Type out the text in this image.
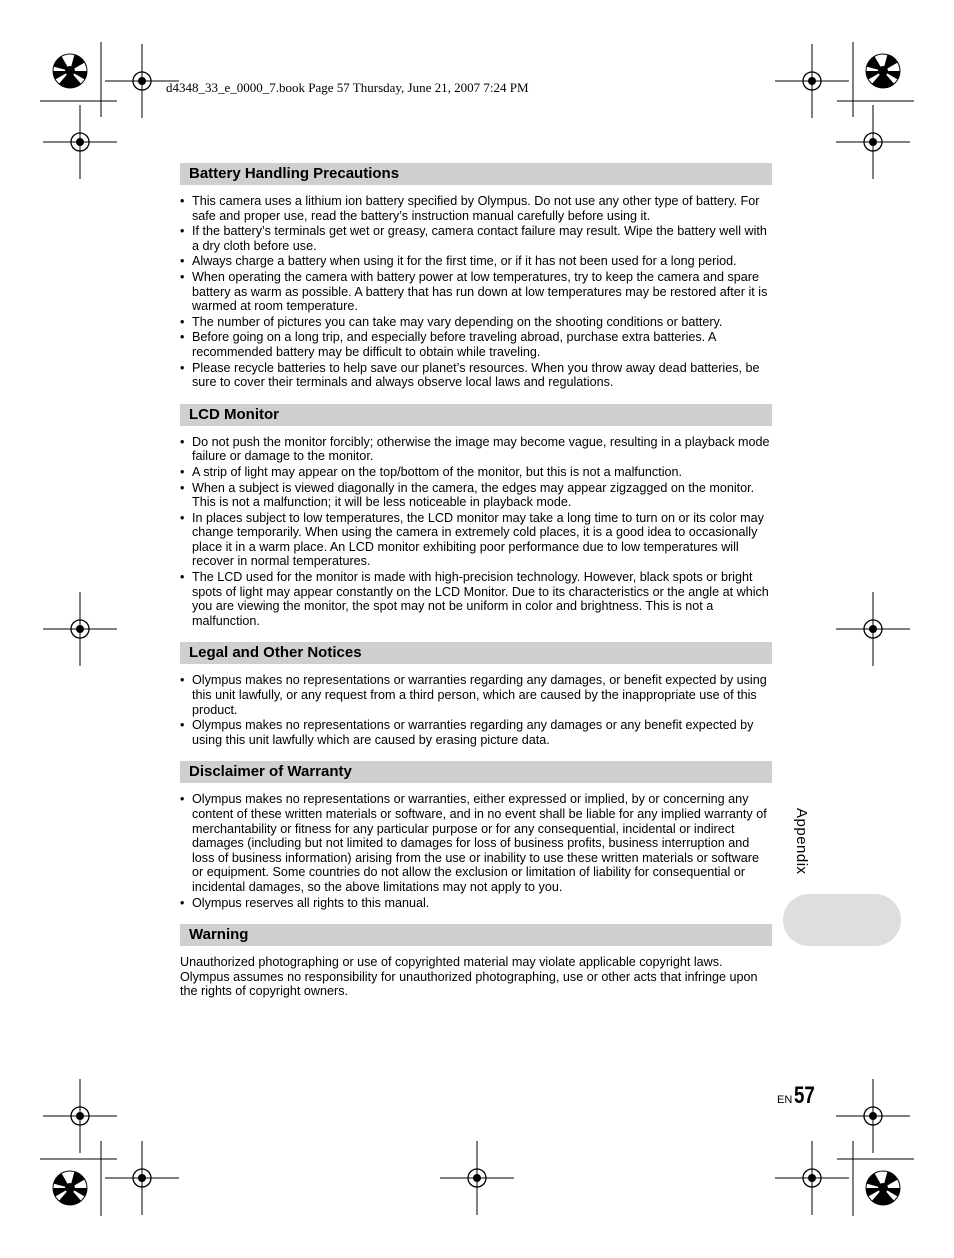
d4348_33_e_0000_7.book Page 57 Thursday, June 21, 2007 7:24 PM
Battery Handling Precautions
• This camera uses a lithium ion battery specified by Olympus. Do not use any other type of battery. For safe and proper use, read the battery’s instruction manual carefully before using it.
• If the battery’s terminals get wet or greasy, camera contact failure may result. Wipe the battery well with a dry cloth before use.
• Always charge a battery when using it for the first time, or if it has not been used for a long period.
• When operating the camera with battery power at low temperatures, try to keep the camera and spare battery as warm as possible. A battery that has run down at low temperatures may be restored after it is warmed at room temperature.
• The number of pictures you can take may vary depending on the shooting conditions or battery.
• Before going on a long trip, and especially before traveling abroad, purchase extra batteries. A recommended battery may be difficult to obtain while traveling.
• Please recycle batteries to help save our planet’s resources. When you throw away dead batteries, be sure to cover their terminals and always observe local laws and regulations.
LCD Monitor
• Do not push the monitor forcibly; otherwise the image may become vague, resulting in a playback mode failure or damage to the monitor.
• A strip of light may appear on the top/bottom of the monitor, but this is not a malfunction.
• When a subject is viewed diagonally in the camera, the edges may appear zigzagged on the monitor. This is not a malfunction; it will be less noticeable in playback mode.
• In places subject to low temperatures, the LCD monitor may take a long time to turn on or its color may change temporarily. When using the camera in extremely cold places, it is a good idea to occasionally place it in a warm place. An LCD monitor exhibiting poor performance due to low temperatures will recover in normal temperatures.
• The LCD used for the monitor is made with high-precision technology. However, black spots or bright spots of light may appear constantly on the LCD Monitor. Due to its characteristics or the angle at which you are viewing the monitor, the spot may not be uniform in color and brightness. This is not a malfunction.
Legal and Other Notices
• Olympus makes no representations or warranties regarding any damages, or benefit expected by using this unit lawfully, or any request from a third person, which are caused by the inappropriate use of this product.
• Olympus makes no representations or warranties regarding any damages or any benefit expected by using this unit lawfully which are caused by erasing picture data.
Disclaimer of Warranty
• Olympus makes no representations or warranties, either expressed or implied, by or concerning any content of these written materials or software, and in no event shall be liable for any implied warranty of merchantability or fitness for any particular purpose or for any consequential, incidental or indirect damages (including but not limited to damages for loss of business profits, business interruption and loss of business information) arising from the use or inability to use these written materials or software or equipment. Some countries do not allow the exclusion or limitation of liability for consequential or incidental damages, so the above limitations may not apply to you.
• Olympus reserves all rights to this manual.
Warning

Unauthorized photographing or use of copyrighted material may violate applicable copyright laws. Olympus assumes no responsibility for unauthorized photographing, use or other acts that infringe upon the rights of copyright owners.

Appendix
EN57
